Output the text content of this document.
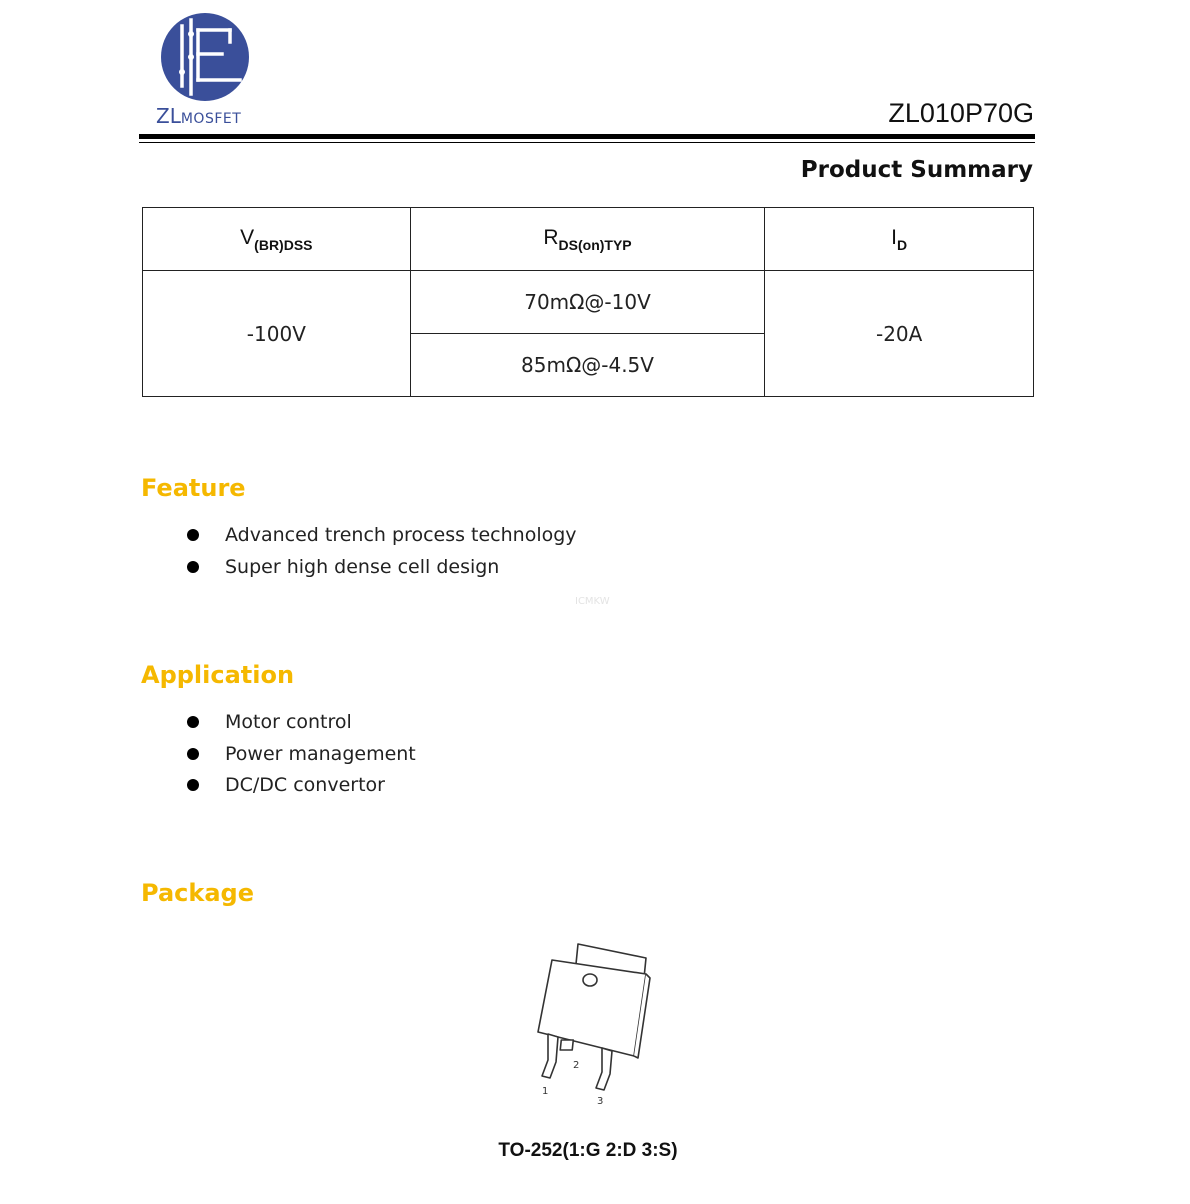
ZLMOSFET	ZL010P70G
Product Summary
$V_{(BR)DSS}$	$R_{DS(on)TYP}$	$I_D$
-100V	70mΩ@-10V	-20A
	85mΩ@-4.5V	
Feature
Advanced trench process technology
Super high dense cell design
ICMKW
Application
Motor control
Power management
DC/DC convertor
Package
1
2
3
TO-252(1:G 2:D 3:S)
